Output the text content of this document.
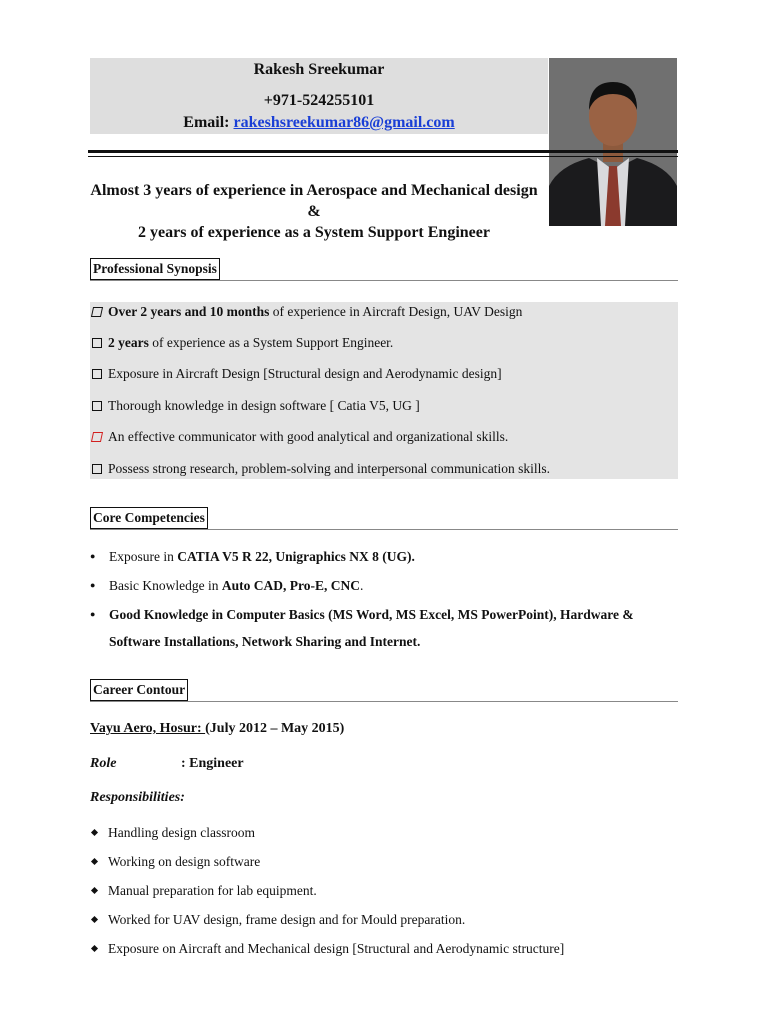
Rakesh Sreekumar
+971-524255101
Email: rakeshsreekumar86@gmail.com
Almost 3 years of experience in Aerospace and Mechanical design &
2 years of experience as a System Support Engineer
Professional Synopsis
Over 2 years and 10 months of experience in Aircraft Design, UAV Design
2 years of experience as a System Support Engineer.
Exposure in Aircraft Design [Structural design and Aerodynamic design]
Thorough knowledge in design software [ Catia V5, UG ]
An effective communicator with good analytical and organizational skills.
Possess strong research, problem-solving and interpersonal communication skills.
Core Competencies
●	Exposure in CATIA V5 R 22, Unigraphics NX 8 (UG).
●	Basic Knowledge in Auto CAD, Pro-E, CNC.
●	Good Knowledge in Computer Basics (MS Word, MS Excel, MS PowerPoint), Hardware & Software Installations, Network Sharing and Internet.
Career Contour
Vayu Aero, Hosur: (July 2012 – May 2015)
Role	: Engineer
Responsibilities:
Handling design classroom
Working on design software
Manual preparation for lab equipment.
Worked for UAV design, frame design and for Mould preparation.
Exposure on Aircraft and Mechanical design [Structural and Aerodynamic structure]
